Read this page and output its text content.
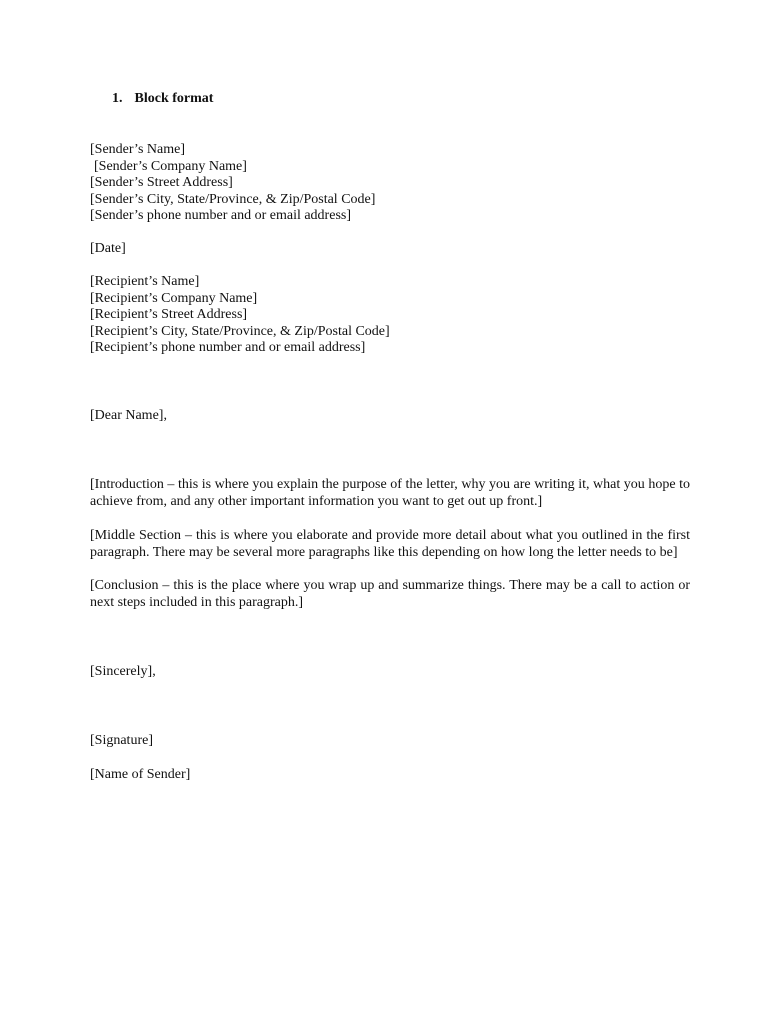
1. Block format
[Sender’s Name]
[Sender’s Company Name]
[Sender’s Street Address]
[Sender’s City, State/Province, & Zip/Postal Code]
[Sender’s phone number and or email address]
[Date]
[Recipient’s Name]
[Recipient’s Company Name]
[Recipient’s Street Address]
[Recipient’s City, State/Province, & Zip/Postal Code]
[Recipient’s phone number and or email address]
[Dear Name],
[Introduction – this is where you explain the purpose of the letter, why you are writing it, what you hope to achieve from, and any other important information you want to get out up front.]
[Middle Section – this is where you elaborate and provide more detail about what you outlined in the first paragraph. There may be several more paragraphs like this depending on how long the letter needs to be]
[Conclusion – this is the place where you wrap up and summarize things. There may be a call to action or next steps included in this paragraph.]
[Sincerely],
[Signature]
[Name of Sender]
